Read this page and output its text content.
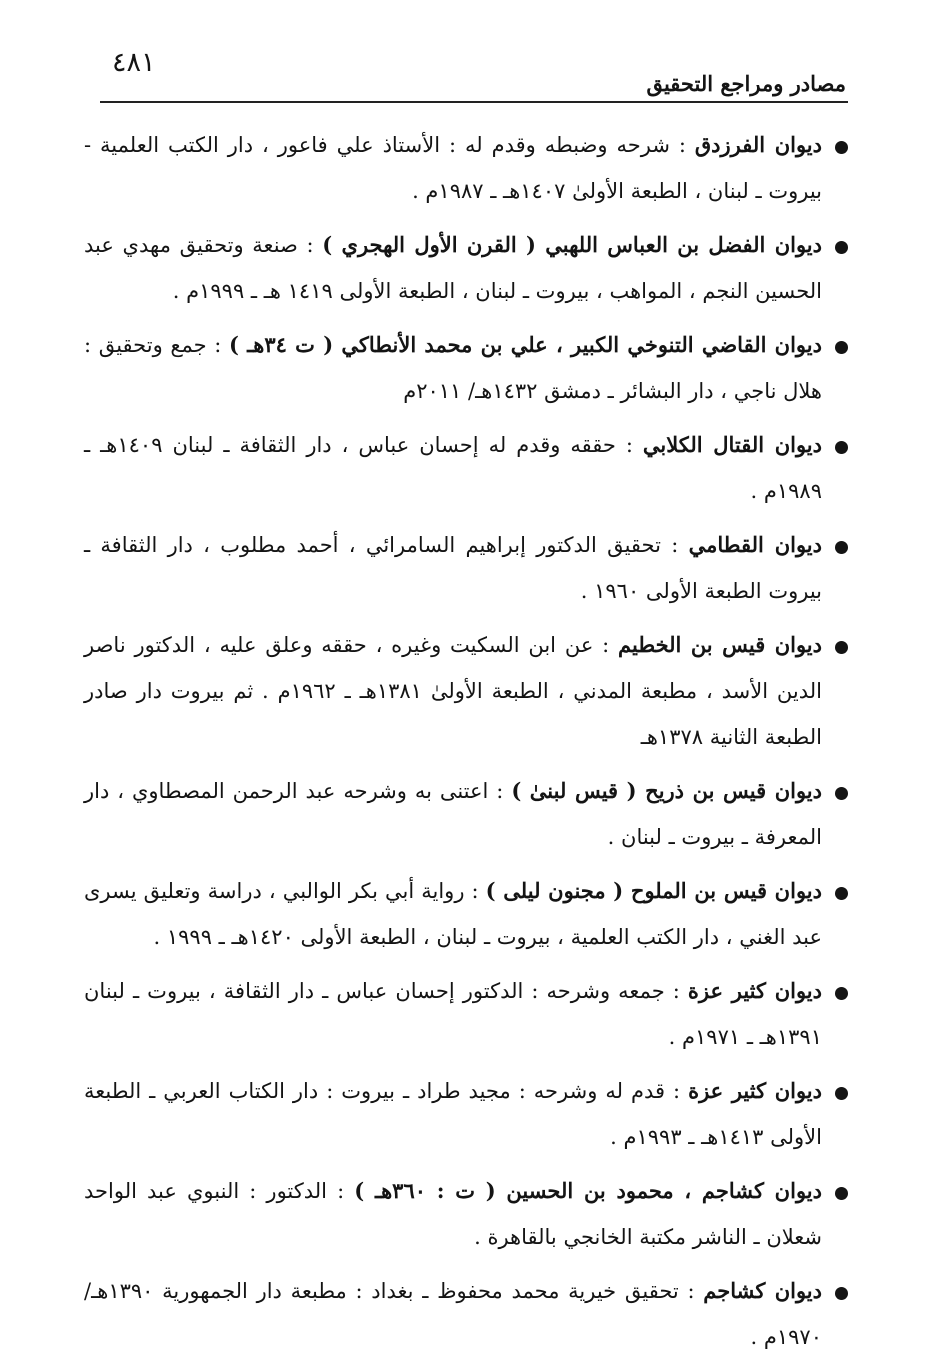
٤٨١
مصادر ومراجع التحقيق
ديوان الفرزدق : شرحه وضبطه وقدم له : الأستاذ علي فاعور ، دار الكتب العلمية - بيروت ـ لبنان ، الطبعة الأولىٰ ١٤٠٧هـ ـ ١٩٨٧م .
ديوان الفضل بن العباس اللهبي ( القرن الأول الهجري ) : صنعة وتحقيق مهدي عبد الحسين النجم ، المواهب ، بيروت ـ لبنان ، الطبعة الأولى ١٤١٩ هـ ـ ١٩٩٩م .
ديوان القاضي التنوخي الكبير ، علي بن محمد الأنطاكي ( ت ٣٤هـ ) : جمع وتحقيق : هلال ناجي ، دار البشائر ـ دمشق ١٤٣٢هـ/ ٢٠١١م
ديوان القتال الكلابي : حققه وقدم له إحسان عباس ، دار الثقافة ـ لبنان ١٤٠٩هـ ـ ١٩٨٩م .
ديوان القطامي : تحقيق الدكتور إبراهيم السامرائي ، أحمد مطلوب ، دار الثقافة ـ بيروت الطبعة الأولى ١٩٦٠ .
ديوان قيس بن الخطيم : عن ابن السكيت وغيره ، حققه وعلق عليه ، الدكتور ناصر الدين الأسد ، مطبعة المدني ، الطبعة الأولىٰ ١٣٨١هـ ـ ١٩٦٢م . ثم بيروت دار صادر الطبعة الثانية ١٣٧٨هـ
ديوان قيس بن ذريح ( قيس لبنىٰ ) : اعتنى به وشرحه عبد الرحمن المصطاوي ، دار المعرفة ـ بيروت ـ لبنان .
ديوان قيس بن الملوح ( مجنون ليلى ) : رواية أبي بكر الوالبي ، دراسة وتعليق يسرى عبد الغني ، دار الكتب العلمية ، بيروت ـ لبنان ، الطبعة الأولى ١٤٢٠هـ ـ ١٩٩٩ .
ديوان كثير عزة : جمعه وشرحه : الدكتور إحسان عباس ـ دار الثقافة ، بيروت ـ لبنان ١٣٩١هـ ـ ١٩٧١م .
ديوان كثير عزة : قدم له وشرحه : مجيد طراد ـ بيروت : دار الكتاب العربي ـ الطبعة الأولى ١٤١٣هـ ـ ١٩٩٣م .
ديوان كشاجم ، محمود بن الحسين ( ت : ٣٦٠هـ ) : الدكتور : النبوي عبد الواحد شعلان ـ الناشر مكتبة الخانجي بالقاهرة .
ديوان كشاجم : تحقيق خيرية محمد محفوظ ـ بغداد : مطبعة دار الجمهورية ١٣٩٠هـ/ ١٩٧٠م .
